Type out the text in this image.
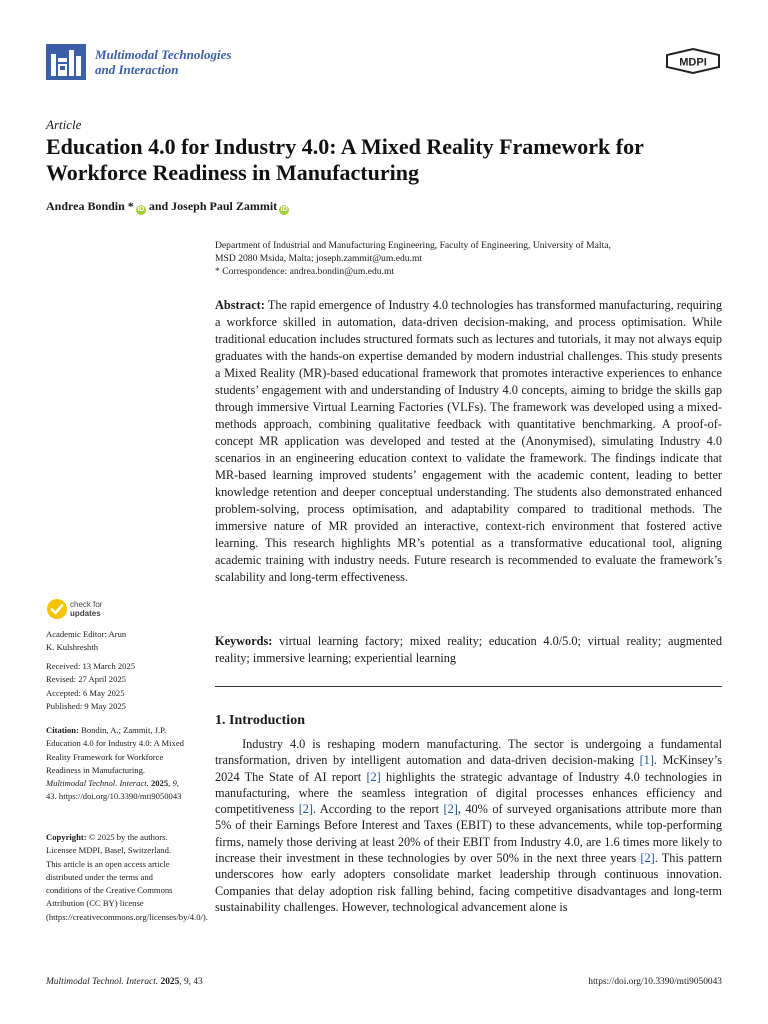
Multimodal Technologies
and Interaction	MDPI
Article
Education 4.0 for Industry 4.0: A Mixed Reality Framework for Workforce Readiness in Manufacturing
Andrea Bondin * iD and Joseph Paul Zammit iD
Department of Industrial and Manufacturing Engineering, Faculty of Engineering, University of Malta,
MSD 2080 Msida, Malta; joseph.zammit@um.edu.mt
* Correspondence: andrea.bondin@um.edu.mt
Abstract: The rapid emergence of Industry 4.0 technologies has transformed manufacturing, requiring a workforce skilled in automation, data-driven decision-making, and process optimisation. While traditional education includes structured formats such as lectures and tutorials, it may not always equip graduates with the hands-on expertise demanded by modern industrial challenges. This study presents a Mixed Reality (MR)-based educational framework that promotes interactive experiences to enhance students’ engagement with and understanding of Industry 4.0 concepts, aiming to bridge the skills gap through immersive Virtual Learning Factories (VLFs). The framework was developed using a mixed-methods approach, combining qualitative feedback with quantitative benchmarking. A proof-of-concept MR application was developed and tested at the (Anonymised), simulating Industry 4.0 scenarios in an engineering education context to validate the framework. The findings indicate that MR-based learning improved students’ engagement with the academic content, leading to better knowledge retention and deeper conceptual understanding. The students also demonstrated enhanced problem-solving, process optimisation, and adaptability compared to traditional methods. The immersive nature of MR provided an interactive, context-rich environment that fostered active learning. This research highlights MR’s potential as a transformative educational tool, aligning academic training with industry needs. Future research is recommended to evaluate the framework’s scalability and long-term effectiveness.
Keywords: virtual learning factory; mixed reality; education 4.0/5.0; virtual reality; augmented reality; immersive learning; experiential learning
1. Introduction
   Industry 4.0 is reshaping modern manufacturing. The sector is undergoing a fundamental transformation, driven by intelligent automation and data-driven decision-making [1]. McKinsey’s 2024 The State of AI report [2] highlights the strategic advantage of Industry 4.0 technologies in manufacturing, where the seamless integration of digital processes enhances efficiency and competitiveness [2]. According to the report [2], 40% of surveyed organisations attribute more than 5% of their Earnings Before Interest and Taxes (EBIT) to these advancements, while top-performing firms, namely those deriving at least 20% of their EBIT from Industry 4.0, are 1.6 times more likely to increase their investment in these technologies by over 50% in the next three years [2]. This pattern underscores how early adopters consolidate market leadership through continuous innovation. Companies that delay adoption risk falling behind, facing competitive disadvantages and long-term sustainability challenges. However, technological advancement alone is
check for
updates
Academic Editor: Arun
K. Kulshreshth
Received: 13 March 2025
Revised: 27 April 2025
Accepted: 6 May 2025
Published: 9 May 2025
Citation: Bondin, A.; Zammit, J.P. Education 4.0 for Industry 4.0: A Mixed Reality Framework for Workforce Readiness in Manufacturing. Multimodal Technol. Interact. 2025, 9, 43. https://doi.org/10.3390/mti9050043
Copyright: © 2025 by the authors. Licensee MDPI, Basel, Switzerland. This article is an open access article distributed under the terms and conditions of the Creative Commons Attribution (CC BY) license (https://creativecommons.org/licenses/by/4.0/).
Multimodal Technol. Interact. 2025, 9, 43	https://doi.org/10.3390/mti9050043
